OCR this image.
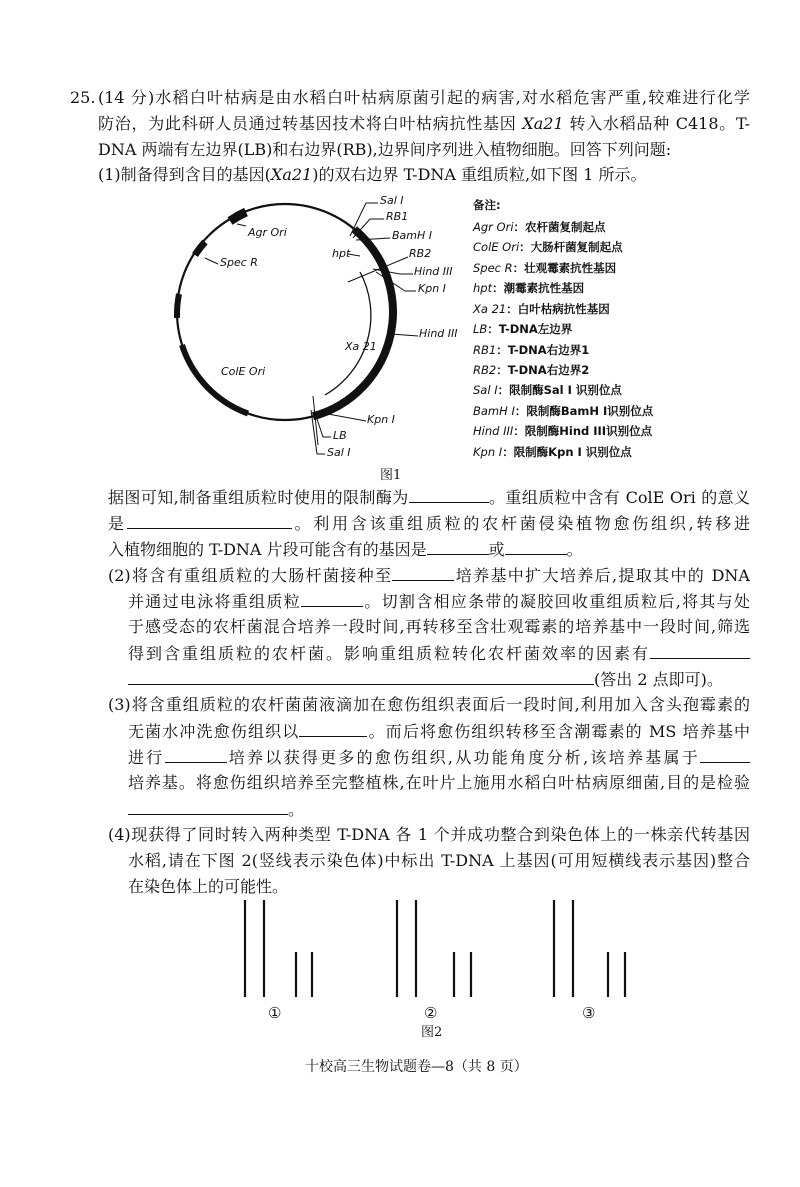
25. (14 分)水稻白叶枯病是由水稻白叶枯病原菌引起的病害,对水稻危害严重,较难进行化学
防治，为此科研人员通过转基因技术将白叶枯病抗性基因 Xa21 转入水稻品种 C418。T-
DNA 两端有左边界(LB)和右边界(RB),边界间序列进入植物细胞。回答下列问题:
(1)制备得到含目的基因(Xa21)的双右边界 T-DNA 重组质粒,如下图 1 所示。
Sal I
RB1
BamH I
hpt	RB2
Hind III
Kpn I
Hind III
Xa 21
Agr Ori
Spec R
ColE Ori
Kpn I
LB
Sal I
图1
备注:
Agr Ori：农杆菌复制起点
ColE Ori：大肠杆菌复制起点
Spec R：壮观霉素抗性基因
hpt：潮霉素抗性基因
Xa 21：白叶枯病抗性基因
LB：T-DNA左边界
RB1：T-DNA右边界1
RB2：T-DNA右边界2
Sal I：限制酶Sal I 识别位点
BamH I：限制酶BamH I识别位点
Hind III：限制酶Hind III识别位点
Kpn I：限制酶Kpn I 识别位点
据图可知,制备重组质粒时使用的限制酶为	。重组质粒中含有 ColE Ori 的意义
是	。利用含该重组质粒的农杆菌侵染植物愈伤组织,转移进
入植物细胞的 T-DNA 片段可能含有的基因是	或	。
(2)将含有重组质粒的大肠杆菌接种至	培养基中扩大培养后,提取其中的 DNA
并通过电泳将重组质粒	。切割含相应条带的凝胶回收重组质粒后,将其与处
于感受态的农杆菌混合培养一段时间,再转移至含壮观霉素的培养基中一段时间,筛选
得到含重组质粒的农杆菌。影响重组质粒转化农杆菌效率的因素有
(答出 2 点即可)。
(3)将含重组质粒的农杆菌菌液滴加在愈伤组织表面后一段时间,利用加入含头孢霉素的
无菌水冲洗愈伤组织以	。而后将愈伤组织转移至含潮霉素的 MS 培养基中
进行	培养以获得更多的愈伤组织,从功能角度分析,该培养基属于
培养基。将愈伤组织培养至完整植株,在叶片上施用水稻白叶枯病原细菌,目的是检验
。
(4)现获得了同时转入两种类型 T-DNA 各 1 个并成功整合到染色体上的一株亲代转基因
水稻,请在下图 2(竖线表示染色体)中标出 T-DNA 上基因(可用短横线表示基因)整合
在染色体上的可能性。
①	②	③
图2
十校高三生物试题卷—8（共 8 页）
